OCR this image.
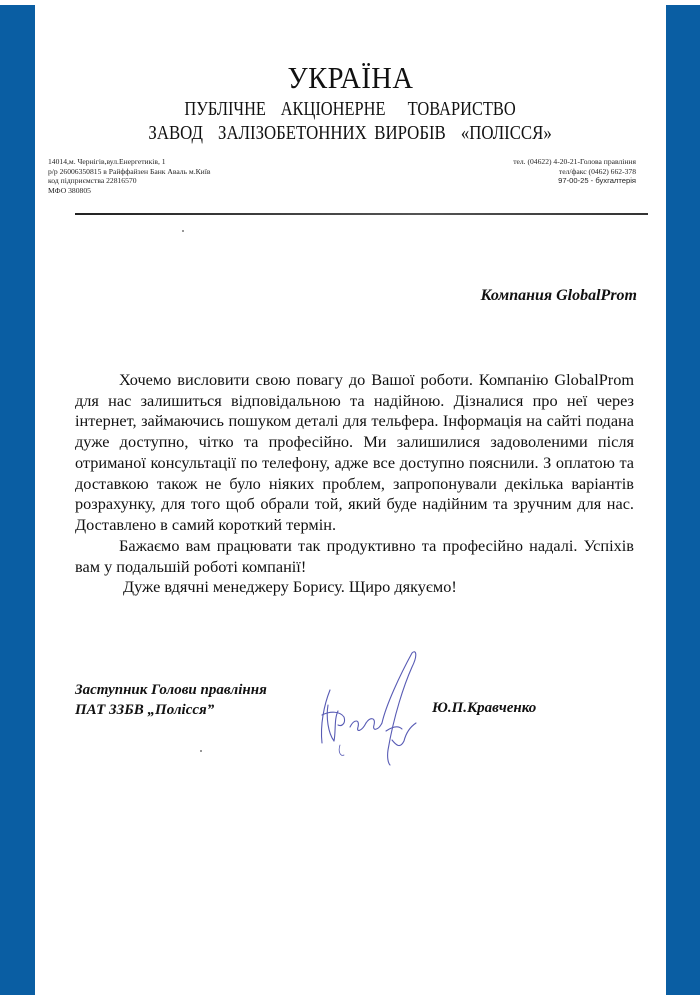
УКРАЇНА
ПУБЛІЧНЕ  АКЦІОНЕРНЕ   ТОВАРИСТВО
ЗАВОД  ЗАЛІЗОБЕТОННИХ ВИРОБІВ  «ПОЛІССЯ»
14014,м. Чернігів,вул.Енергетиків, 1
р/р 26006350815 в Райффайзен Банк Аваль м.Київ
код підприємства 22816570
МФО 380805
тел. (04622) 4-20-21-Голова правління
тел/факс (0462) 662-378
97-00-25 - бухгалтерія
Компания GlobalProm

Хочемо висловити свою повагу до Вашої роботи. Компанію GlobalProm для нас залишиться відповідальною та надійною. Дізналися про неї через інтернет, займаючись пошуком деталі для тельфера. Інформація на сайті подана дуже доступно, чітко та професійно. Ми залишилися задоволеними після отриманої консультації по телефону, адже все доступно пояснили. З оплатою та доставкою також не було ніяких проблем, запропонували декілька варіантів розрахунку, для того щоб обрали той, який буде надійним та зручним для нас. Доставлено в самий короткий термін.

Бажаємо вам працювати так продуктивно та професійно надалі. Успіхів вам у подальшій роботі компанії!

Дуже вдячні менеджеру Борису. Щиро дякуємо!

Заступник Голови правління
ПАТ ЗЗБВ „Полісся”	Ю.П.Кравченко
